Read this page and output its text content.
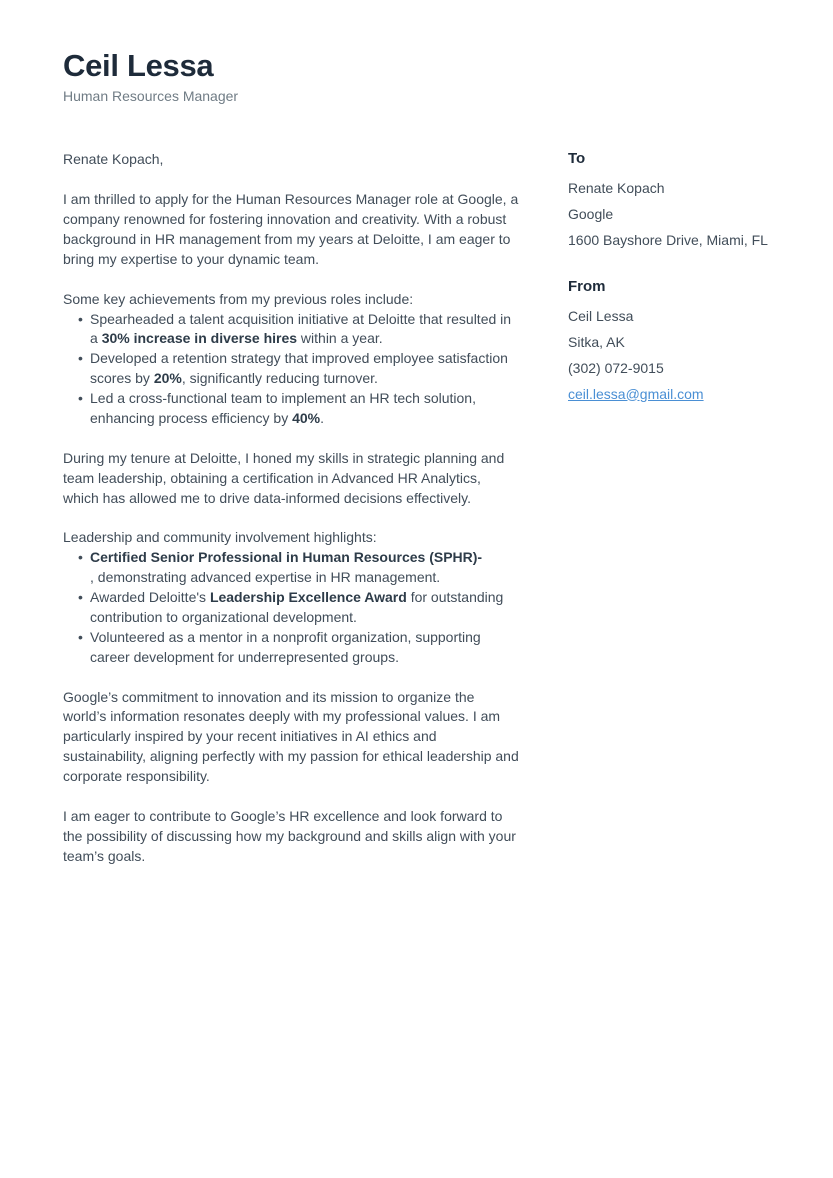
Ceil Lessa
Human Resources Manager

Renate Kopach,

I am thrilled to apply for the Human Resources Manager role at Google, a company renowned for fostering innovation and creativity. With a robust background in HR management from my years at Deloitte, I am eager to bring my expertise to your dynamic team.

Some key achievements from my previous roles include:

• Spearheaded a talent acquisition initiative at Deloitte that resulted in a 30% increase in diverse hires within a year.
• Developed a retention strategy that improved employee satisfaction scores by 20%, significantly reducing turnover.
• Led a cross-functional team to implement an HR tech solution, enhancing process efficiency by 40%.

During my tenure at Deloitte, I honed my skills in strategic planning and team leadership, obtaining a certification in Advanced HR Analytics, which has allowed me to drive data-informed decisions effectively.

Leadership and community involvement highlights:

• Certified Senior Professional in Human Resources (SPHR)-
, demonstrating advanced expertise in HR management.
• Awarded Deloitte's Leadership Excellence Award for outstanding contribution to organizational development.
• Volunteered as a mentor in a nonprofit organization, supporting career development for underrepresented groups.

Google’s commitment to innovation and its mission to organize the world’s information resonates deeply with my professional values. I am particularly inspired by your recent initiatives in AI ethics and sustainability, aligning perfectly with my passion for ethical leadership and corporate responsibility.

I am eager to contribute to Google’s HR excellence and look forward to the possibility of discussing how my background and skills align with your team’s goals.

To
Renate Kopach
Google
1600 Bayshore Drive, Miami, FL
From
Ceil Lessa
Sitka, AK
(302) 072-9015
ceil.lessa@gmail.com
